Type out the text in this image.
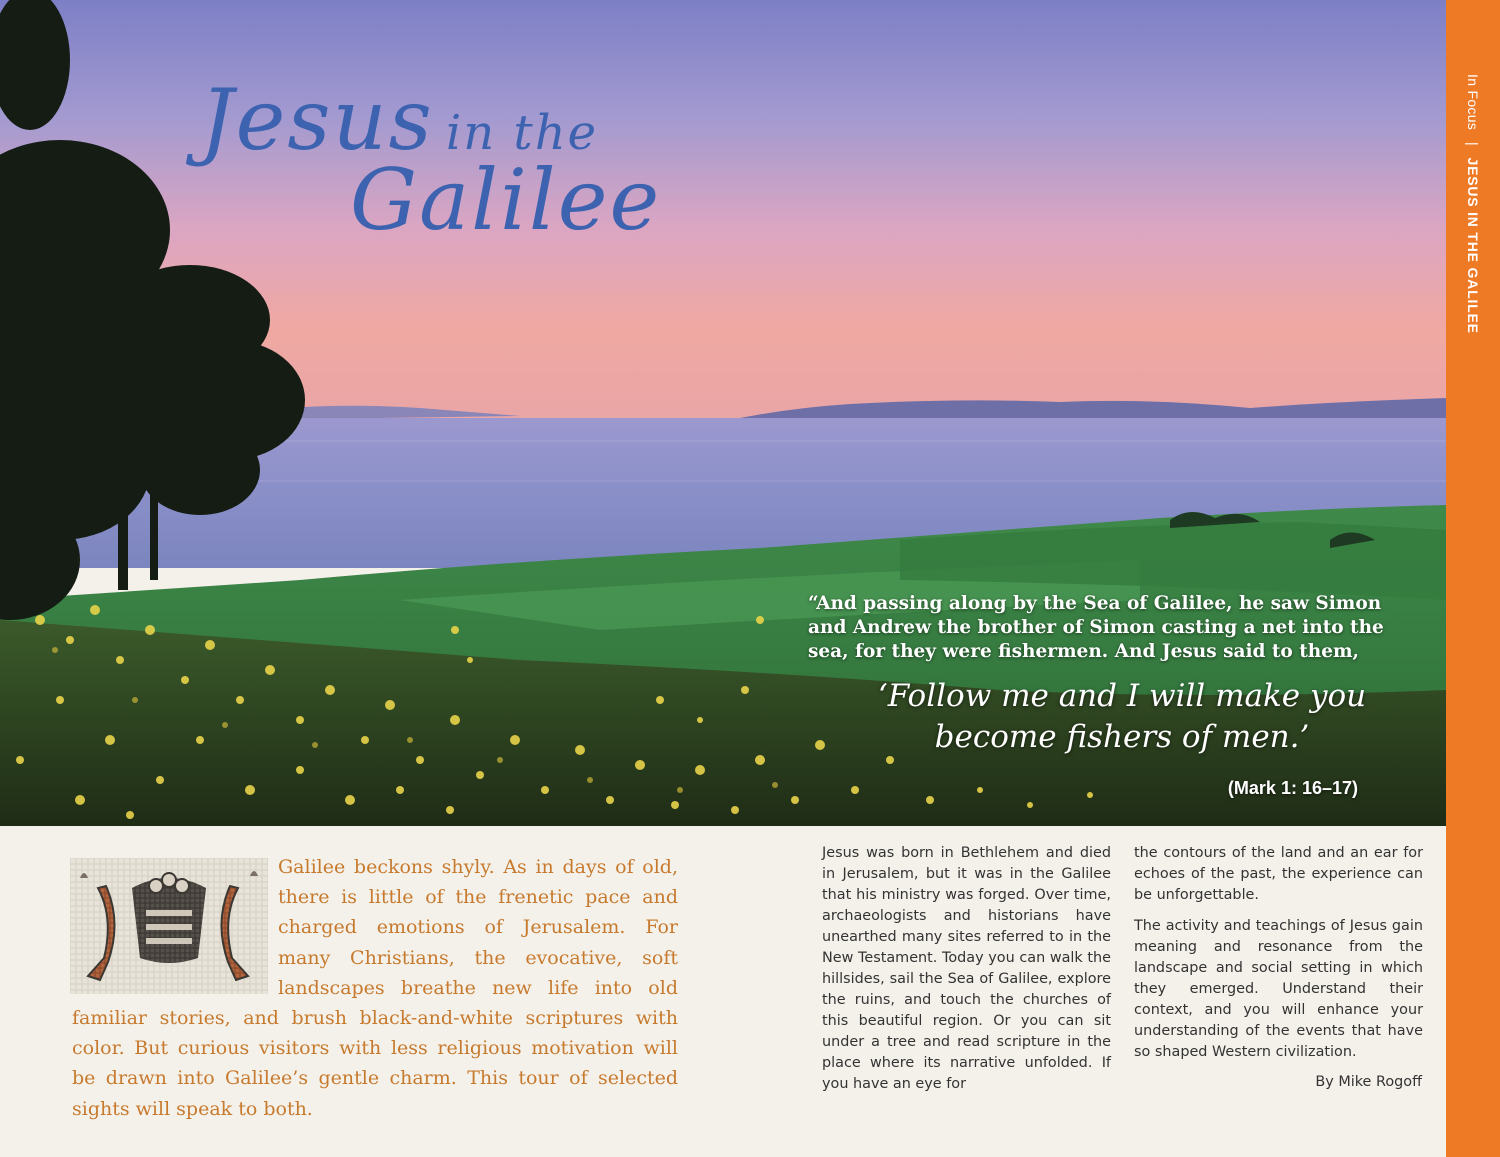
Jesus in the
Galilee

“And passing along by the Sea of Galilee, he saw Simon and Andrew the brother of Simon casting a net into the sea, for they were fishermen. And Jesus said to them,

‘Follow me and I will make you become fishers of men.’

(Mark 1: 16–17)

In Focus | JESUS IN THE GALILEE

Galilee beckons shyly. As in days of old, there is little of the frenetic pace and charged emotions of Jerusalem. For many Christians, the evocative, soft landscapes breathe new life into old familiar stories, and brush black-and-white scriptures with color. But curious visitors with less religious motivation will be drawn into Galilee’s gentle charm. This tour of selected sights will speak to both.

Jesus was born in Bethlehem and died in Jerusalem, but it was in the Galilee that his ministry was forged. Over time, archaeologists and historians have unearthed many sites referred to in the New Testament. Today you can walk the hillsides, sail the Sea of Galilee, explore the ruins, and touch the churches of this beautiful region. Or you can sit under a tree and read scripture in the place where its narrative unfolded. If you have an eye for

the contours of the land and an ear for echoes of the past, the experience can be unforgettable.

The activity and teachings of Jesus gain meaning and resonance from the landscape and social setting in which they emerged. Understand their context, and you will enhance your understanding of the events that have so shaped Western civilization.

By Mike Rogoff
